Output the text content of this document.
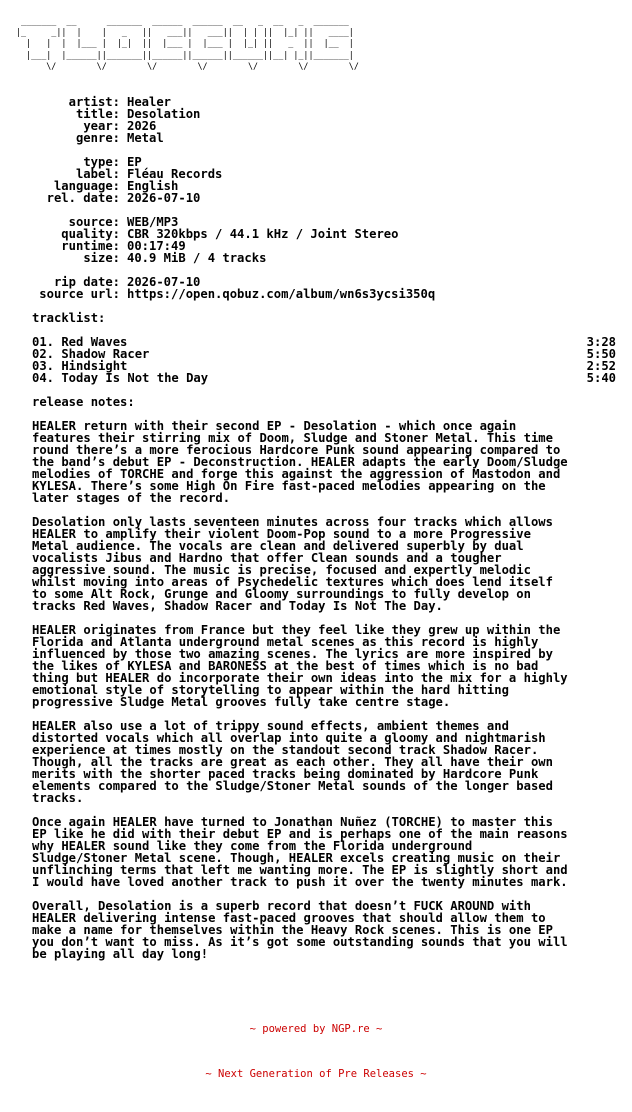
_______  __      _______  ______  ______  __   _  __   _  _______
|_     _||  |    |   _   ||   ___||   ___||  | | ||  |_| ||   ____|
|   |  |  |___ |  |_|  ||  |___ |  |___ |  |_| ||   _  ||  |__  |
|___|  |______||_______||______||______||______||__| |_||_______|
\/        \/        \/        \/        \/        \/        \/
artist: Healer
title: Desolation
year: 2026
genre: Metal
type: EP
label: Fléau Records
language: English
rel. date: 2026-07-10
source: WEB/MP3
quality: CBR 320kbps / 44.1 kHz / Joint Stereo
runtime: 00:17:49
size: 40.9 MiB / 4 tracks
rip date: 2026-07-10
source url: https://open.qobuz.com/album/wn6s3ycsi350q
tracklist:
01. Red Waves	3:28
02. Shadow Racer	5:50
03. Hindsight	2:52
04. Today Is Not the Day	5:40
release notes:
HEALER return with their second EP - Desolation - which once again
features their stirring mix of Doom, Sludge and Stoner Metal. This time
round there’s a more ferocious Hardcore Punk sound appearing compared to
the band’s debut EP - Deconstruction. HEALER adapts the early Doom/Sludge
melodies of TORCHE and forge this against the aggression of Mastodon and
KYLESA. There’s some High On Fire fast-paced melodies appearing on the
later stages of the record.
Desolation only lasts seventeen minutes across four tracks which allows
HEALER to amplify their violent Doom-Pop sound to a more Progressive
Metal audience. The vocals are clean and delivered superbly by dual
vocalists Jibus and Hardno that offer Clean sounds and a tougher
aggressive sound. The music is precise, focused and expertly melodic
whilst moving into areas of Psychedelic textures which does lend itself
to some Alt Rock, Grunge and Gloomy surroundings to fully develop on
tracks Red Waves, Shadow Racer and Today Is Not The Day.
HEALER originates from France but they feel like they grew up within the
Florida and Atlanta underground metal scenes as this record is highly
influenced by those two amazing scenes. The lyrics are more inspired by
the likes of KYLESA and BARONESS at the best of times which is no bad
thing but HEALER do incorporate their own ideas into the mix for a highly
emotional style of storytelling to appear within the hard hitting
progressive Sludge Metal grooves fully take centre stage.
HEALER also use a lot of trippy sound effects, ambient themes and
distorted vocals which all overlap into quite a gloomy and nightmarish
experience at times mostly on the standout second track Shadow Racer.
Though, all the tracks are great as each other. They all have their own
merits with the shorter paced tracks being dominated by Hardcore Punk
elements compared to the Sludge/Stoner Metal sounds of the longer based
tracks.
Once again HEALER have turned to Jonathan Nuñez (TORCHE) to master this
EP like he did with their debut EP and is perhaps one of the main reasons
why HEALER sound like they come from the Florida underground
Sludge/Stoner Metal scene. Though, HEALER excels creating music on their
unflinching terms that left me wanting more. The EP is slightly short and
I would have loved another track to push it over the twenty minutes mark.
Overall, Desolation is a superb record that doesn’t FUCK AROUND with
HEALER delivering intense fast-paced grooves that should allow them to
make a name for themselves within the Heavy Rock scenes. This is one EP
you don’t want to miss. As it’s got some outstanding sounds that you will
be playing all day long!

~ powered by NGP.re ~

~ Next Generation of Pre Releases ~
